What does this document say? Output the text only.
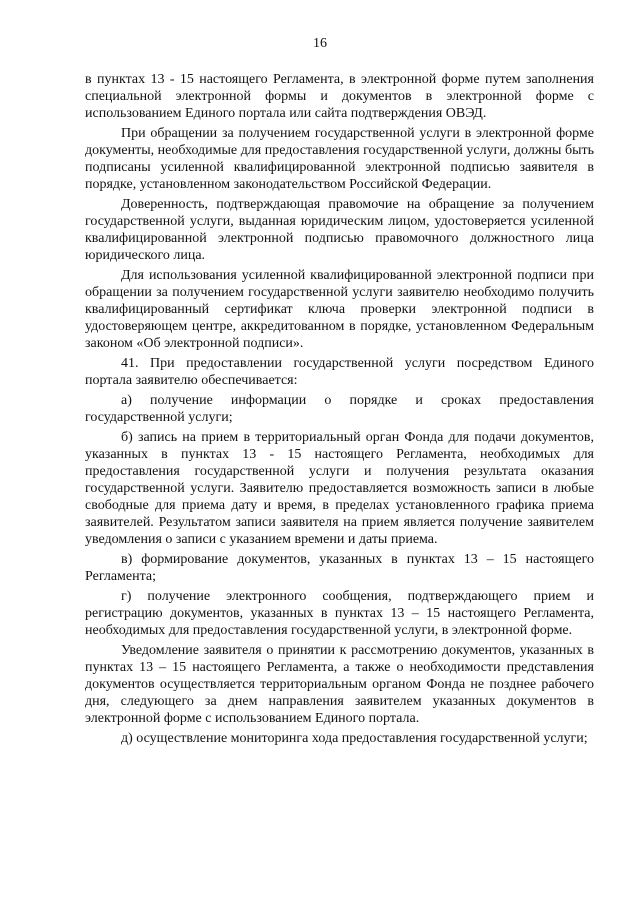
16

в пунктах 13 - 15 настоящего Регламента, в электронной форме путем заполнения специальной электронной формы и документов в электронной форме с использованием Единого портала или сайта подтверждения ОВЭД.

При обращении за получением государственной услуги в электронной форме документы, необходимые для предоставления государственной услуги, должны быть подписаны усиленной квалифицированной электронной подписью заявителя в порядке, установленном законодательством Российской Федерации.

Доверенность, подтверждающая правомочие на обращение за получением государственной услуги, выданная юридическим лицом, удостоверяется усиленной квалифицированной электронной подписью правомочного должностного лица юридического лица.

Для использования усиленной квалифицированной электронной подписи при обращении за получением государственной услуги заявителю необходимо получить квалифицированный сертификат ключа проверки электронной подписи в удостоверяющем центре, аккредитованном в порядке, установленном Федеральным законом «Об электронной подписи».

41. При предоставлении государственной услуги посредством Единого портала заявителю обеспечивается:

а) получение информации о порядке и сроках предоставления государственной услуги;

б) запись на прием в территориальный орган Фонда для подачи документов, указанных в пунктах 13 - 15 настоящего Регламента, необходимых для предоставления государственной услуги и получения результата оказания государственной услуги. Заявителю предоставляется возможность записи в любые свободные для приема дату и время, в пределах установленного графика приема заявителей. Результатом записи заявителя на прием является получение заявителем уведомления о записи с указанием времени и даты приема.

в) формирование документов, указанных в пунктах 13 – 15 настоящего Регламента;

г) получение электронного сообщения, подтверждающего прием и регистрацию документов, указанных в пунктах 13 – 15 настоящего Регламента, необходимых для предоставления государственной услуги, в электронной форме.

Уведомление заявителя о принятии к рассмотрению документов, указанных в пунктах 13 – 15 настоящего Регламента, а также о необходимости представления документов осуществляется территориальным органом Фонда не позднее рабочего дня, следующего за днем направления заявителем указанных документов в электронной форме с использованием Единого портала.

д) осуществление мониторинга хода предоставления государственной услуги;
